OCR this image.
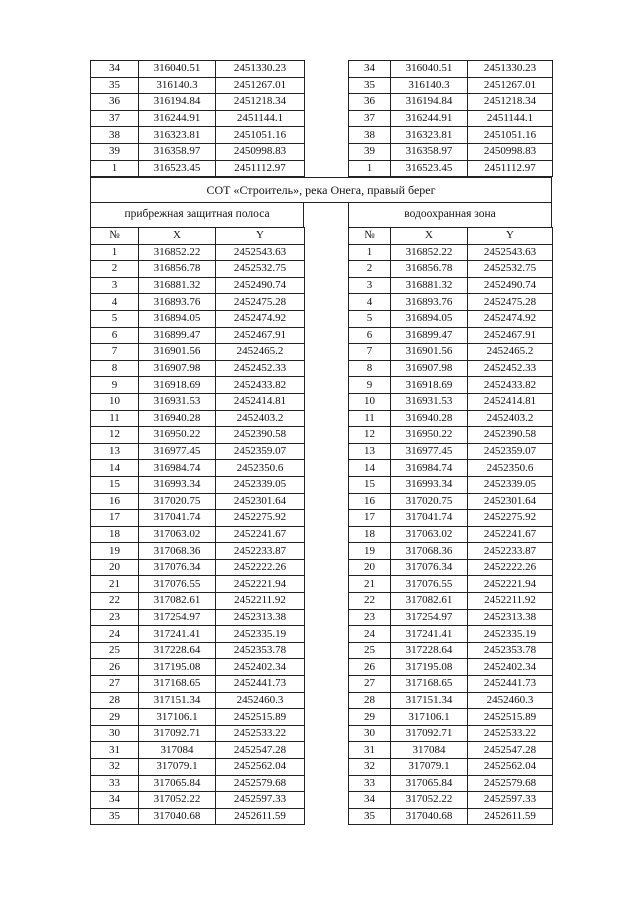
34	316040.51	2451330.23
35	316140.3	2451267.01
36	316194.84	2451218.34
37	316244.91	2451144.1
38	316323.81	2451051.16
39	316358.97	2450998.83
1	316523.45	2451112.97
34	316040.51	2451330.23
35	316140.3	2451267.01
36	316194.84	2451218.34
37	316244.91	2451144.1
38	316323.81	2451051.16
39	316358.97	2450998.83
1	316523.45	2451112.97
СОТ «Строитель», река Онега, правый берег
прибрежная защитная полоса	водоохранная зона
№	X	Y
1	316852.22	2452543.63
2	316856.78	2452532.75
3	316881.32	2452490.74
4	316893.76	2452475.28
5	316894.05	2452474.92
6	316899.47	2452467.91
7	316901.56	2452465.2
8	316907.98	2452452.33
9	316918.69	2452433.82
10	316931.53	2452414.81
11	316940.28	2452403.2
12	316950.22	2452390.58
13	316977.45	2452359.07
14	316984.74	2452350.6
15	316993.34	2452339.05
16	317020.75	2452301.64
17	317041.74	2452275.92
18	317063.02	2452241.67
19	317068.36	2452233.87
20	317076.34	2452222.26
21	317076.55	2452221.94
22	317082.61	2452211.92
23	317254.97	2452313.38
24	317241.41	2452335.19
25	317228.64	2452353.78
26	317195.08	2452402.34
27	317168.65	2452441.73
28	317151.34	2452460.3
29	317106.1	2452515.89
30	317092.71	2452533.22
31	317084	2452547.28
32	317079.1	2452562.04
33	317065.84	2452579.68
34	317052.22	2452597.33
35	317040.68	2452611.59
№	X	Y
1	316852.22	2452543.63
2	316856.78	2452532.75
3	316881.32	2452490.74
4	316893.76	2452475.28
5	316894.05	2452474.92
6	316899.47	2452467.91
7	316901.56	2452465.2
8	316907.98	2452452.33
9	316918.69	2452433.82
10	316931.53	2452414.81
11	316940.28	2452403.2
12	316950.22	2452390.58
13	316977.45	2452359.07
14	316984.74	2452350.6
15	316993.34	2452339.05
16	317020.75	2452301.64
17	317041.74	2452275.92
18	317063.02	2452241.67
19	317068.36	2452233.87
20	317076.34	2452222.26
21	317076.55	2452221.94
22	317082.61	2452211.92
23	317254.97	2452313.38
24	317241.41	2452335.19
25	317228.64	2452353.78
26	317195.08	2452402.34
27	317168.65	2452441.73
28	317151.34	2452460.3
29	317106.1	2452515.89
30	317092.71	2452533.22
31	317084	2452547.28
32	317079.1	2452562.04
33	317065.84	2452579.68
34	317052.22	2452597.33
35	317040.68	2452611.59
